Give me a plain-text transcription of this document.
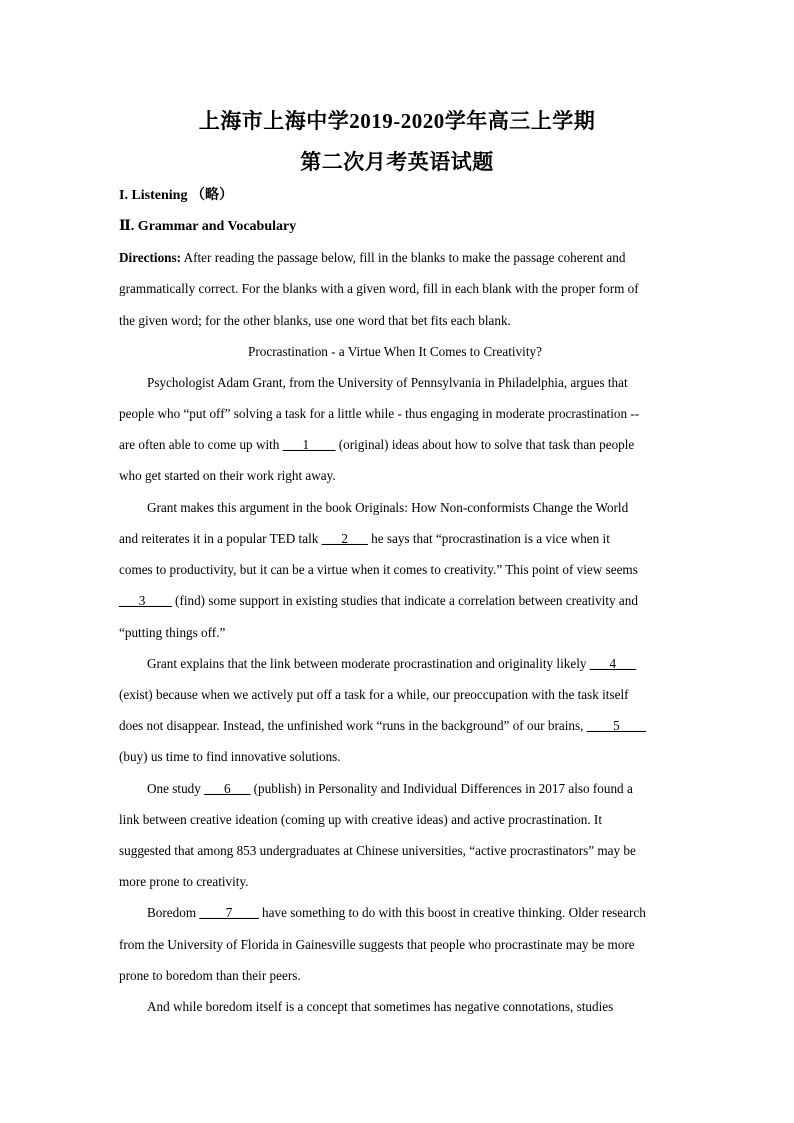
上海市上海中学2019-2020学年高三上学期
第二次月考英语试题
I. Listening （略）
Ⅱ. Grammar and Vocabulary
Directions: After reading the passage below, fill in the blanks to make the passage coherent and
grammatically correct. For the blanks with a given word, fill in each blank with the proper form of
the given word; for the other blanks, use one word that bet fits each blank.
Procrastination - a Virtue When It Comes to Creativity?
Psychologist Adam Grant, from the University of Pennsylvania in Philadelphia, argues that
people who “put off” solving a task for a little while - thus engaging in moderate procrastination --
are often able to come up with ___1____ (original) ideas about how to solve that task than people
who get started on their work right away.
Grant makes this argument in the book Originals: How Non-conformists Change the World
and reiterates it in a popular TED talk ___2___ he says that “procrastination is a vice when it
comes to productivity, but it can be a virtue when it comes to creativity.” This point of view seems
___3____ (find) some support in existing studies that indicate a correlation between creativity and
“putting things off.”
Grant explains that the link between moderate procrastination and originality likely ___4___
(exist) because when we actively put off a task for a while, our preoccupation with the task itself
does not disappear. Instead, the unfinished work “runs in the background” of our brains, ____5____
(buy) us time to find innovative solutions.
One study ___6___ (publish) in Personality and Individual Differences in 2017 also found a
link between creative ideation (coming up with creative ideas) and active procrastination. It
suggested that among 853 undergraduates at Chinese universities, “active procrastinators” may be
more prone to creativity.
Boredom ____7____ have something to do with this boost in creative thinking. Older research
from the University of Florida in Gainesville suggests that people who procrastinate may be more
prone to boredom than their peers.
And while boredom itself is a concept that sometimes has negative connotations, studies
